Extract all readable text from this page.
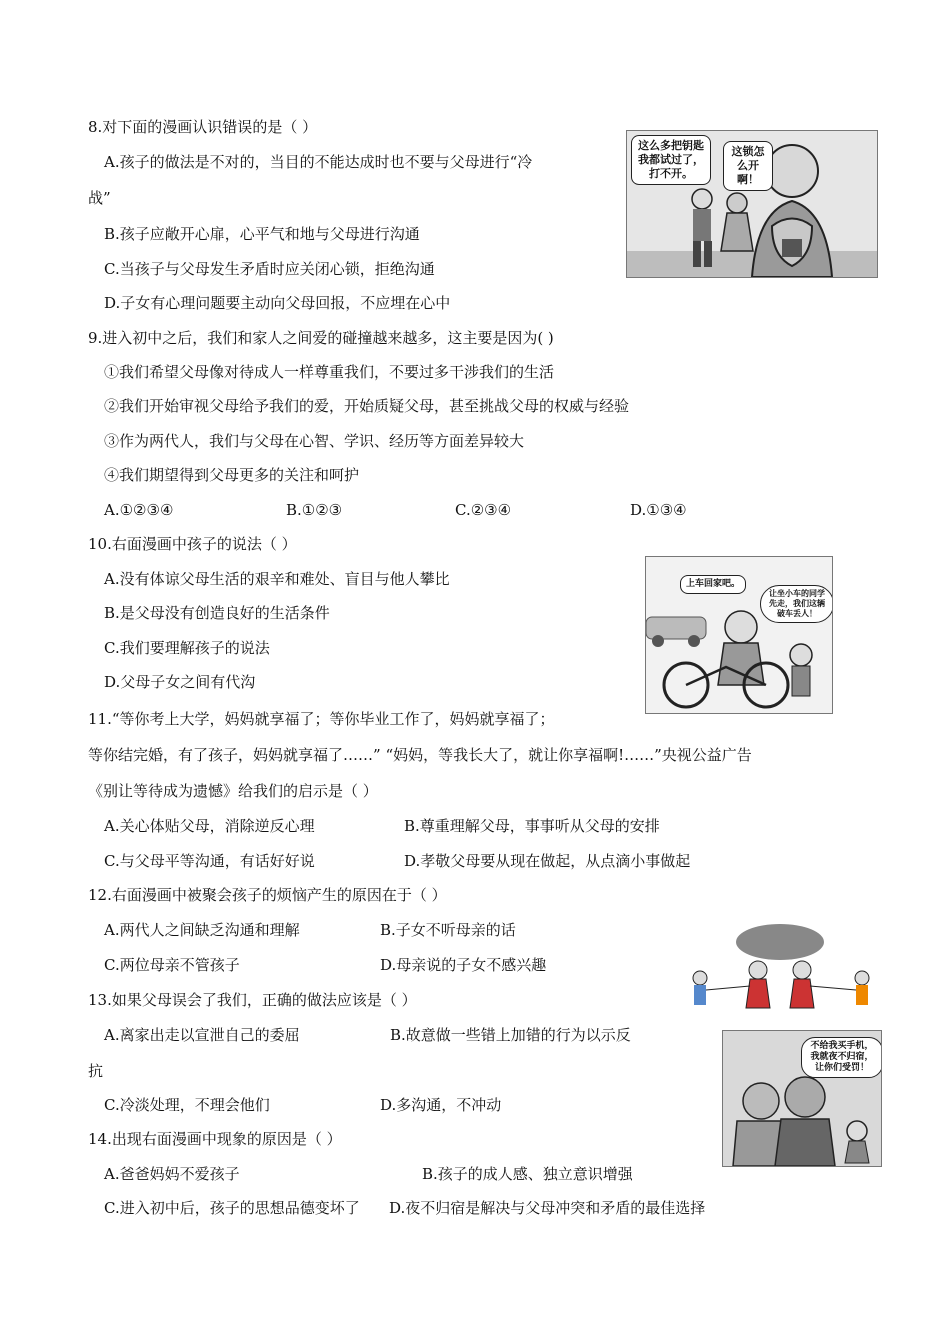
8.对下面的漫画认识错误的是（ ）
A.孩子的做法是不对的，当目的不能达成时也不要与父母进行“冷
战”
B.孩子应敞开心扉，心平气和地与父母进行沟通
C.当孩子与父母发生矛盾时应关闭心锁，拒绝沟通
D.子女有心理问题要主动向父母回报，不应埋在心中
这么多把钥匙我都试过了，打不开。
这锁怎么开啊！
9.进入初中之后，我们和家人之间爱的碰撞越来越多，这主要是因为( )
①我们希望父母像对待成人一样尊重我们，不要过多干涉我们的生活
②我们开始审视父母给予我们的爱，开始质疑父母，甚至挑战父母的权威与经验
③作为两代人，我们与父母在心智、学识、经历等方面差异较大
④我们期望得到父母更多的关注和呵护
A.①②③④	B.①②③	C.②③④	D.①③④
10.右面漫画中孩子的说法（ ）
A.没有体谅父母生活的艰辛和难处、盲目与他人攀比
B.是父母没有创造良好的生活条件
C.我们要理解孩子的说法
D.父母子女之间有代沟
上车回家吧。
让坐小车的同学先走，我们这辆破车丢人！
11.“等你考上大学，妈妈就享福了；等你毕业工作了，妈妈就享福了；
等你结完婚，有了孩子，妈妈就享福了……” “妈妈，等我长大了，就让你享福啊!……”央视公益广告
《别让等待成为遗憾》给我们的启示是（ ）
A.关心体贴父母，消除逆反心理	B.尊重理解父母，事事听从父母的安排
C.与父母平等沟通，有话好好说	D.孝敬父母要从现在做起，从点滴小事做起
12.右面漫画中被聚会孩子的烦恼产生的原因在于（ ）
A.两代人之间缺乏沟通和理解	B.子女不听母亲的话
C.两位母亲不管孩子	D.母亲说的子女不感兴趣
13.如果父母误会了我们，正确的做法应该是（ ）
A.离家出走以宣泄自己的委屈	B.故意做一些错上加错的行为以示反
抗
C.冷淡处理，不理会他们	D.多沟通，不冲动
不给我买手机，我就夜不归宿，让你们受罚！
14.出现右面漫画中现象的原因是（ ）
A.爸爸妈妈不爱孩子	B.孩子的成人感、独立意识增强
C.进入初中后，孩子的思想品德变坏了 D.夜不归宿是解决与父母冲突和矛盾的最佳选择
